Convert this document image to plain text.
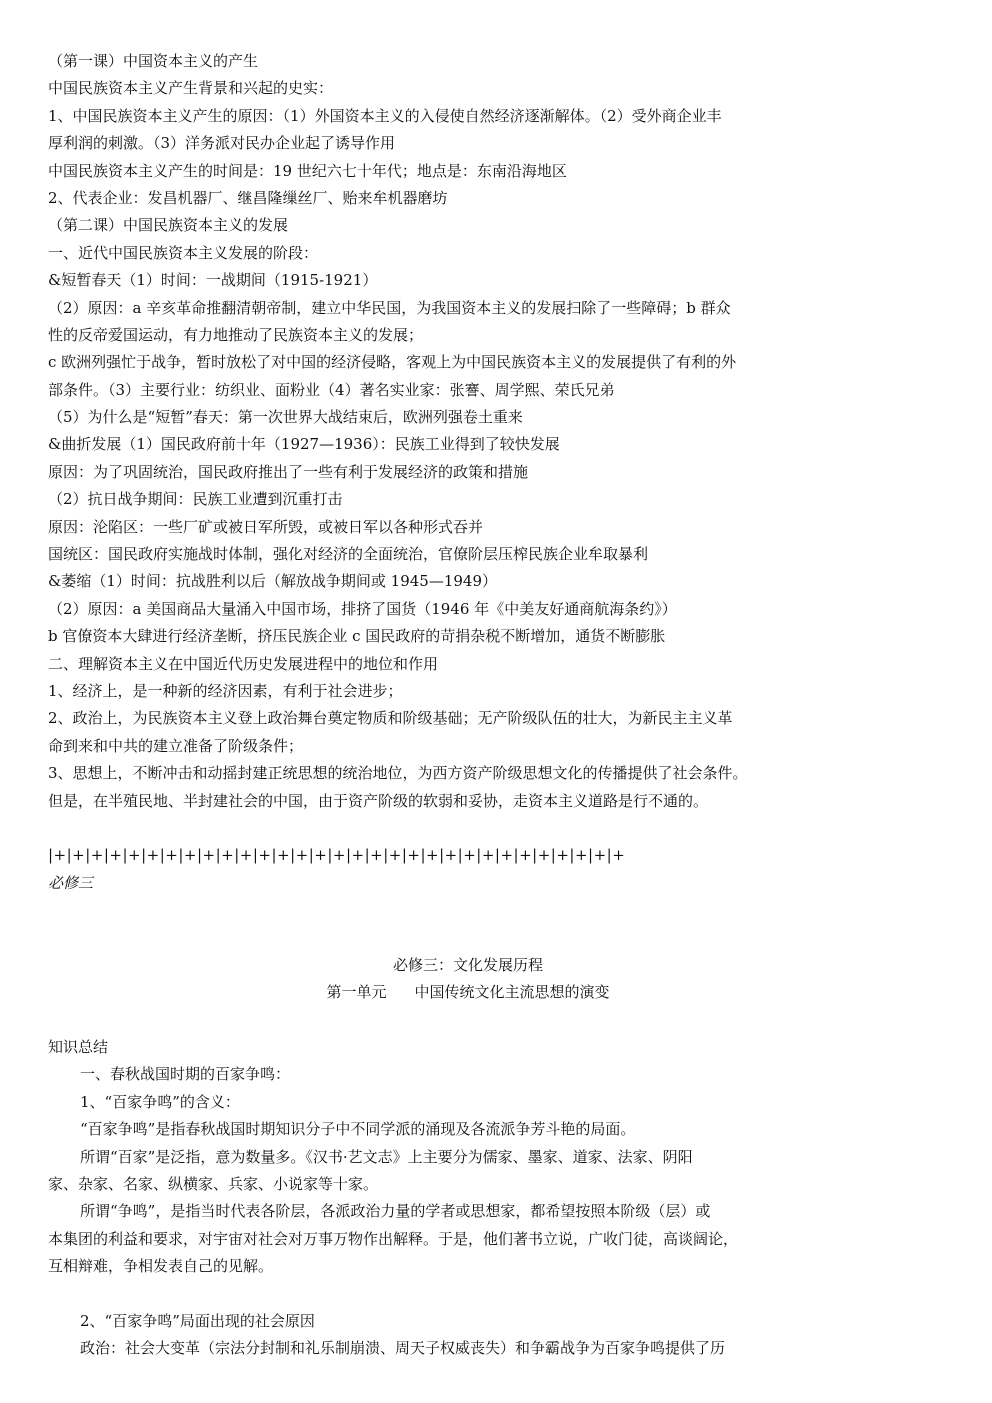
（第一课）中国资本主义的产生
中国民族资本主义产生背景和兴起的史实：
1、中国民族资本主义产生的原因：（1）外国资本主义的入侵使自然经济逐渐解体。（2）受外商企业丰
厚利润的刺激。（3）洋务派对民办企业起了诱导作用
中国民族资本主义产生的时间是：19 世纪六七十年代；地点是：东南沿海地区
2、代表企业：发昌机器厂、继昌隆缫丝厂、贻来牟机器磨坊
（第二课）中国民族资本主义的发展
一、近代中国民族资本主义发展的阶段：
&短暂春天（1）时间：一战期间（1915-1921）
（2）原因：a 辛亥革命推翻清朝帝制，建立中华民国，为我国资本主义的发展扫除了一些障碍；b 群众
性的反帝爱国运动，有力地推动了民族资本主义的发展；
c 欧洲列强忙于战争，暂时放松了对中国的经济侵略，客观上为中国民族资本主义的发展提供了有利的外
部条件。（3）主要行业：纺织业、面粉业（4）著名实业家：张謇、周学熙、荣氏兄弟
（5）为什么是“短暂”春天：第一次世界大战结束后，欧洲列强卷土重来
&曲折发展（1）国民政府前十年（1927—1936）：民族工业得到了较快发展
原因：为了巩固统治，国民政府推出了一些有利于发展经济的政策和措施
（2）抗日战争期间：民族工业遭到沉重打击
原因：沦陷区：一些厂矿或被日军所毁，或被日军以各种形式吞并
国统区：国民政府实施战时体制，强化对经济的全面统治，官僚阶层压榨民族企业牟取暴利
&萎缩（1）时间：抗战胜利以后（解放战争期间或 1945—1949）
（2）原因：a 美国商品大量涌入中国市场，排挤了国货（1946 年《中美友好通商航海条约》）
b 官僚资本大肆进行经济垄断，挤压民族企业 c 国民政府的苛捐杂税不断增加，通货不断膨胀
二、理解资本主义在中国近代历史发展进程中的地位和作用
1、经济上，是一种新的经济因素，有利于社会进步；
2、政治上，为民族资本主义登上政治舞台奠定物质和阶级基础；无产阶级队伍的壮大，为新民主主义革
命到来和中共的建立准备了阶级条件；
3、思想上，不断冲击和动摇封建正统思想的统治地位，为西方资产阶级思想文化的传播提供了社会条件。
但是，在半殖民地、半封建社会的中国，由于资产阶级的软弱和妥协，走资本主义道路是行不通的。
|+|+|+|+|+|+|+|+|+|+|+|+|+|+|+|+|+|+|+|+|+|+|+|+|+|+|+|+|+|+|+
必修三
必修三：文化发展历程
第一单元 中国传统文化主流思想的演变
知识总结
一、春秋战国时期的百家争鸣：
1、“百家争鸣”的含义：
“百家争鸣”是指春秋战国时期知识分子中不同学派的涌现及各流派争芳斗艳的局面。
所谓“百家”是泛指，意为数量多。《汉书·艺文志》上主要分为儒家、墨家、道家、法家、阴阳
家、杂家、名家、纵横家、兵家、小说家等十家。
所谓“争鸣”，是指当时代表各阶层，各派政治力量的学者或思想家，都希望按照本阶级（层）或
本集团的利益和要求，对宇宙对社会对万事万物作出解释。于是，他们著书立说，广收门徒，高谈阔论，
互相辩难，争相发表自己的见解。
2、“百家争鸣”局面出现的社会原因
政治：社会大变革（宗法分封制和礼乐制崩溃、周天子权威丧失）和争霸战争为百家争鸣提供了历
